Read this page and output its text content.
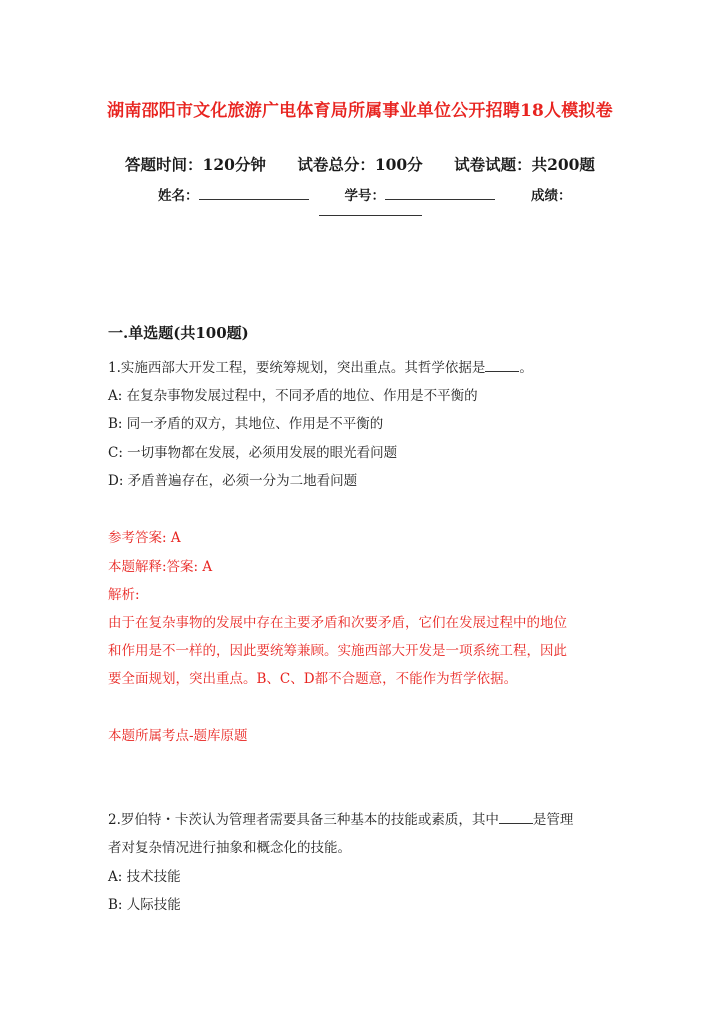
湖南邵阳市文化旅游广电体育局所属事业单位公开招聘18人模拟卷
答题时间：120分钟 试卷总分：100分 试卷试题：共200题
姓名：	学号：	成绩：
一.单选题(共100题)
1.实施西部大开发工程，要统筹规划，突出重点。其哲学依据是	。
A: 在复杂事物发展过程中，不同矛盾的地位、作用是不平衡的
B: 同一矛盾的双方，其地位、作用是不平衡的
C: 一切事物都在发展，必须用发展的眼光看问题
D: 矛盾普遍存在，必须一分为二地看问题
参考答案: A
本题解释:答案: A
解析:
由于在复杂事物的发展中存在主要矛盾和次要矛盾，它们在发展过程中的地位
和作用是不一样的，因此要统筹兼顾。实施西部大开发是一项系统工程，因此
要全面规划，突出重点。B、C、D都不合题意，不能作为哲学依据。
本题所属考点-题库原题
2.罗伯特・卡茨认为管理者需要具备三种基本的技能或素质，其中	是管理
者对复杂情况进行抽象和概念化的技能。
A: 技术技能
B: 人际技能
